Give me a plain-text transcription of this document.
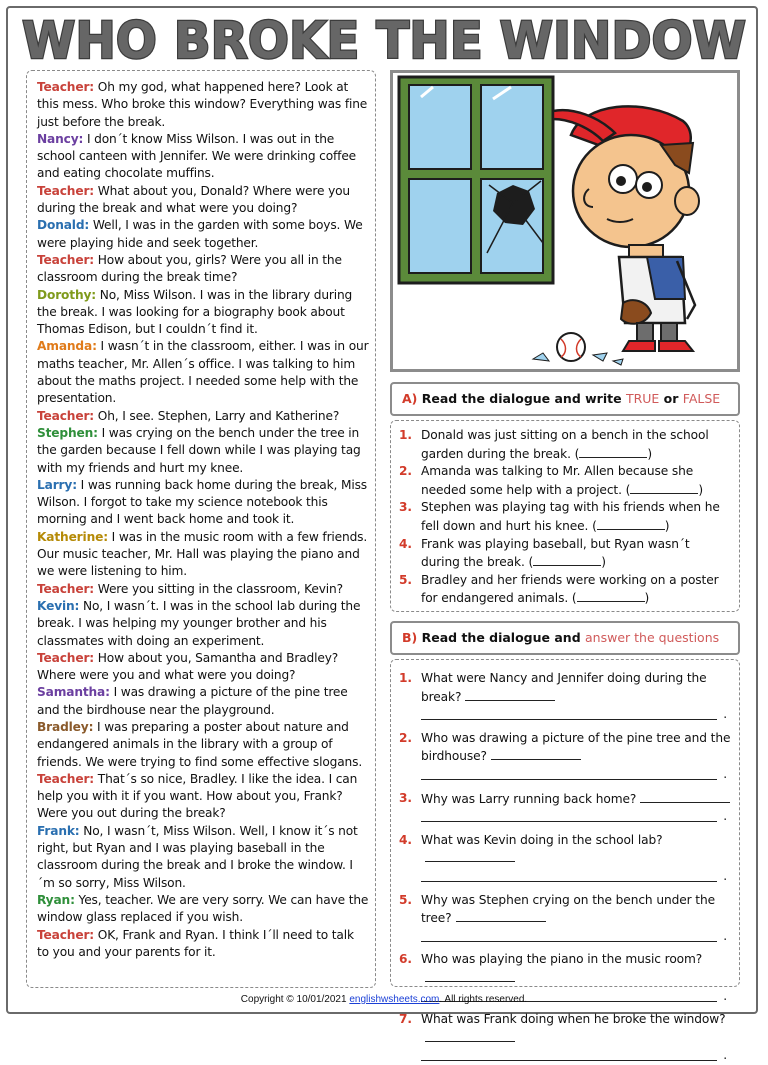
WHO BROKE THE WINDOW

Teacher: Oh my god, what happened here? Look at this mess. Who broke this window? Everything was fine just before the break.

Nancy: I don´t know Miss Wilson. I was out in the school canteen with Jennifer. We were drinking coffee and eating chocolate muffins.

Teacher: What about you, Donald? Where were you during the break and what were you doing?

Donald: Well, I was in the garden with some boys. We were playing hide and seek together.

Teacher: How about you, girls? Were you all in the classroom during the break time?

Dorothy: No, Miss Wilson. I was in the library during the break. I was looking for a biography book about Thomas Edison, but I couldn´t find it.

Amanda: I wasn´t in the classroom, either. I was in our maths teacher, Mr. Allen´s office. I was talking to him about the maths project. I needed some help with the presentation.

Teacher: Oh, I see. Stephen, Larry and Katherine?

Stephen: I was crying on the bench under the tree in the garden because I fell down while I was playing tag with my friends and hurt my knee.

Larry: I was running back home during the break, Miss Wilson. I forgot to take my science notebook this morning and I went back home and took it.

Katherine: I was in the music room with a few friends. Our music teacher, Mr. Hall was playing the piano and we were listening to him.

Teacher: Were you sitting in the classroom, Kevin?

Kevin: No, I wasn´t. I was in the school lab during the break. I was helping my younger brother and his classmates with doing an experiment.

Teacher: How about you, Samantha and Bradley? Where were you and what were you doing?

Samantha: I was drawing a picture of the pine tree and the birdhouse near the playground.

Bradley: I was preparing a poster about nature and endangered animals in the library with a group of friends. We were trying to find some effective slogans.

Teacher: That´s so nice, Bradley. I like the idea. I can help you with it if you want. How about you, Frank? Were you out during the break?

Frank: No, I wasn´t, Miss Wilson. Well, I know it´s not right, but Ryan and I was playing baseball in the classroom during the break and I broke the window. I´m so sorry, Miss Wilson.

Ryan: Yes, teacher. We are very sorry. We can have the window glass replaced if you wish.

Teacher: OK, Frank and Ryan. I think I´ll need to talk to you and your parents for it.

A) Read the dialogue and write TRUE or FALSE
1. Donald was just sitting on a bench in the school garden during the break. (	)
2. Amanda was talking to Mr. Allen because she needed some help with a project. (	)
3. Stephen was playing tag with his friends when he fell down and hurt his knee. (	)
4. Frank was playing baseball, but Ryan wasn´t during the break. (	)
5. Bradley and her friends were working on a poster for endangered animals. (	)
B) Read the dialogue and answer the questions
1. What were Nancy and Jennifer doing during the break?
.
2. Who was drawing a picture of the pine tree and the birdhouse?
.
3. Why was Larry running back home?
.
4. What was Kevin doing in the school lab?
.
5. Why was Stephen crying on the bench under the tree?
.
6. Who was playing the piano in the music room?
.
7. What was Frank doing when he broke the window?
.
Copyright © 10/01/2021 englishwsheets.com. All rights reserved.
